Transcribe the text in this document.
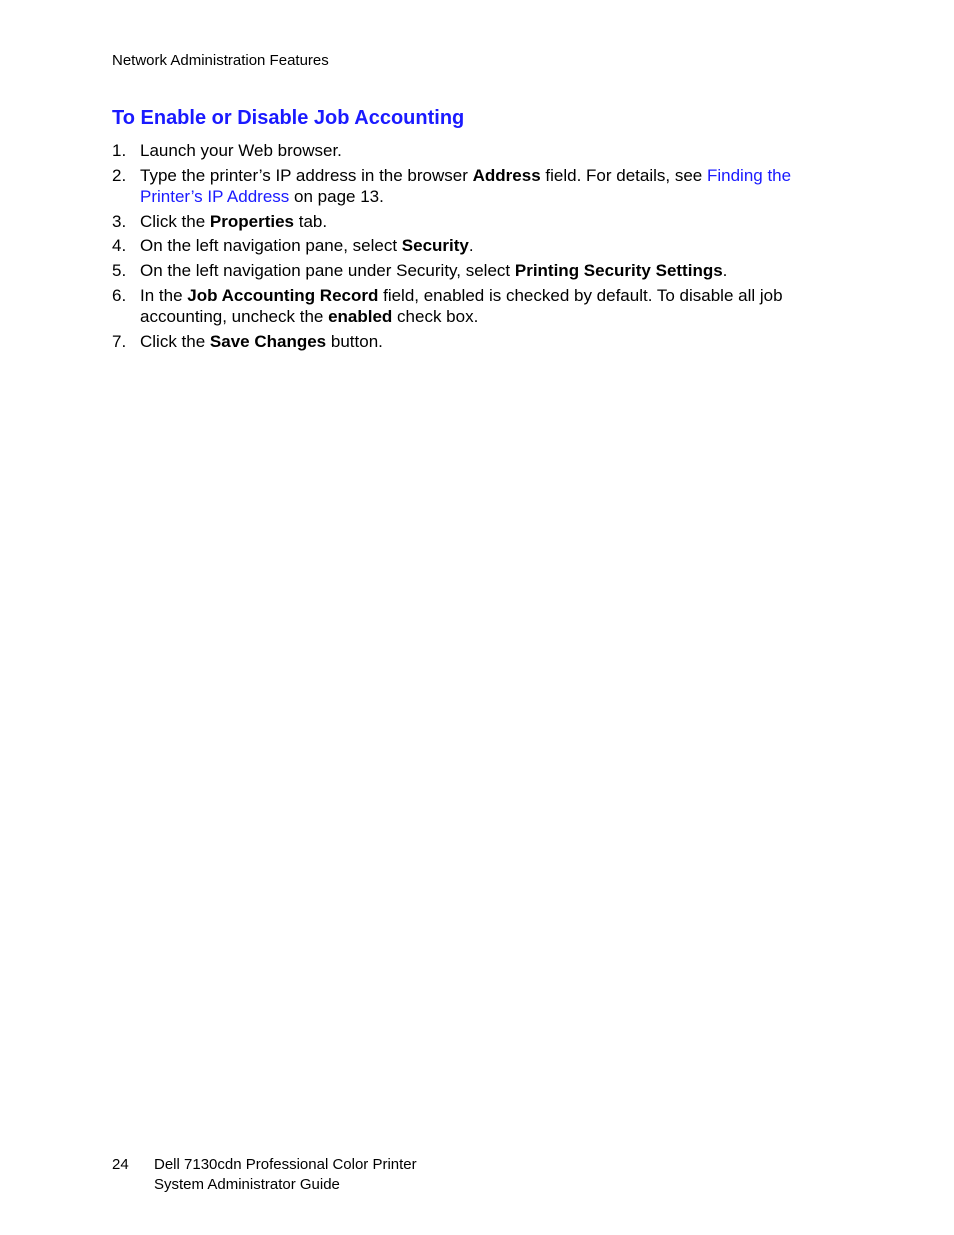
Network Administration Features
To Enable or Disable Job Accounting
1. Launch your Web browser.
2. Type the printer’s IP address in the browser Address field. For details, see Finding the
Printer’s IP Address on page 13.
3. Click the Properties tab.
4. On the left navigation pane, select Security.
5. On the left navigation pane under Security, select Printing Security Settings.
6. In the Job Accounting Record field, enabled is checked by default. To disable all job
accounting, uncheck the enabled check box.
7. Click the Save Changes button.
24 Dell 7130cdn Professional Color Printer
System Administrator Guide
